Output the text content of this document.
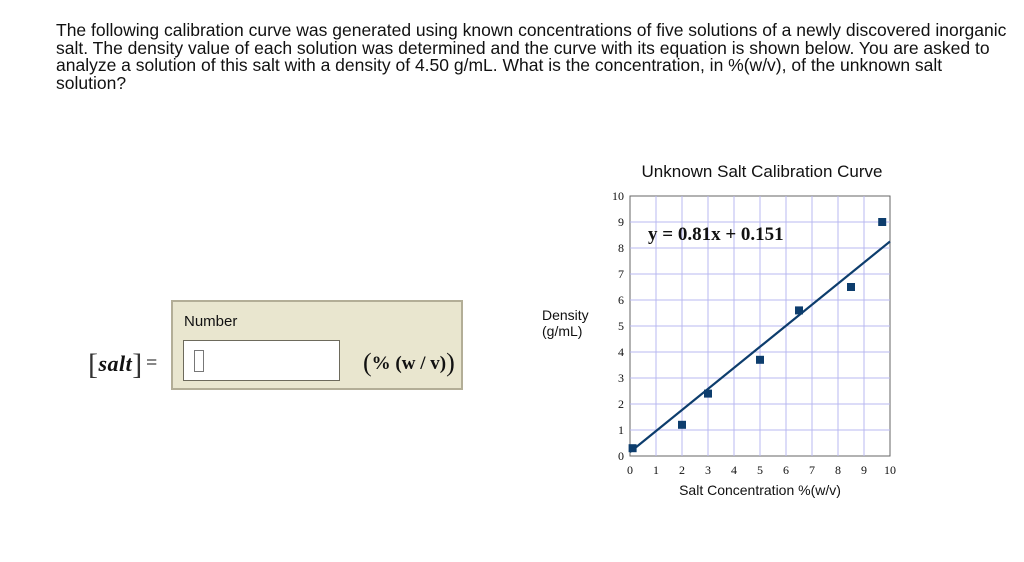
The following calibration curve was generated using known concentrations of five solutions of a newly discovered inorganic salt. The density value of each solution was determined and the curve with its equation is shown below. You are asked to analyze a solution of this salt with a density of 4.50 g/mL. What is the concentration, in %(w/v), of the unknown salt solution?

[salt] =
Number
(% (w / v))
Unknown Salt Calibration Curve
0
1
2
3
4
5
6
7
8
9
10
0 1 2 3 4 5 6 7 8 9 10
y = 0.81x + 0.151
Density (g/mL)
Salt Concentration %(w/v)
